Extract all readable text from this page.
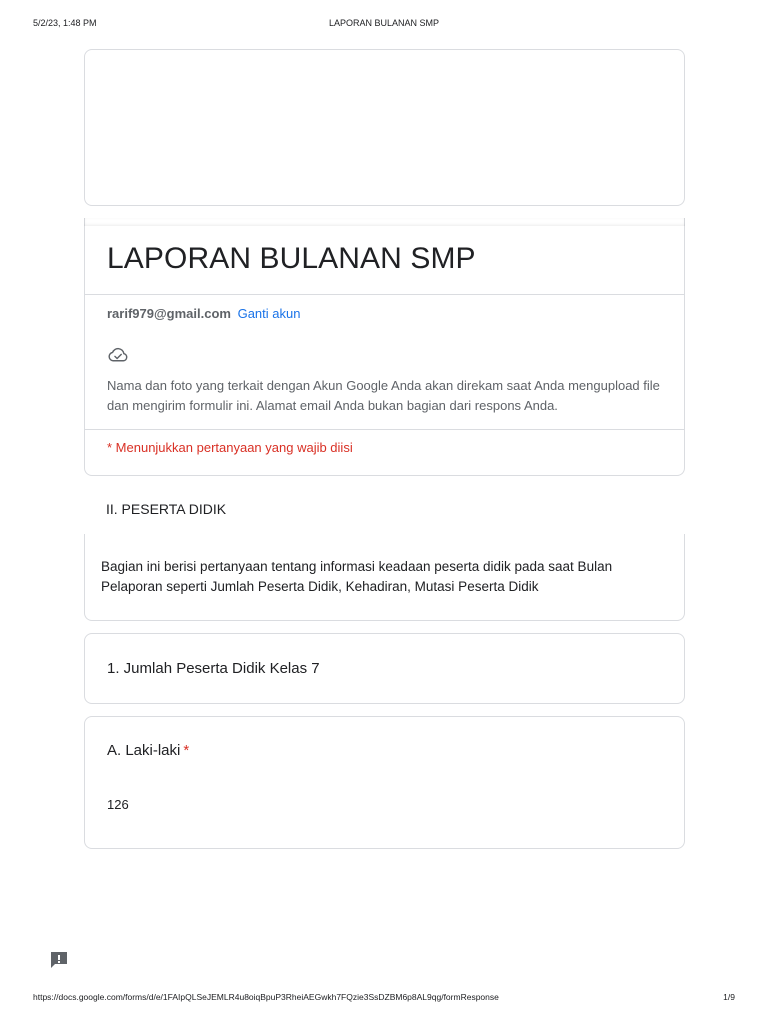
5/2/23, 1:48 PM	LAPORAN BULANAN SMP
LAPORAN BULANAN SMP
rarif979@gmail.com Ganti akun
Nama dan foto yang terkait dengan Akun Google Anda akan direkam saat Anda mengupload file dan mengirim formulir ini. Alamat email Anda bukan bagian dari respons Anda.
* Menunjukkan pertanyaan yang wajib diisi
II. PESERTA DIDIK
Bagian ini berisi pertanyaan tentang informasi keadaan peserta didik pada saat Bulan Pelaporan seperti Jumlah Peserta Didik, Kehadiran, Mutasi Peserta Didik
1. Jumlah Peserta Didik Kelas 7
A. Laki-laki *
126
https://docs.google.com/forms/d/e/1FAIpQLSeJEMLR4u8oiqBpuP3RheiAEGwkh7FQzie3SsDZBM6p8AL9qg/formResponse	1/9
